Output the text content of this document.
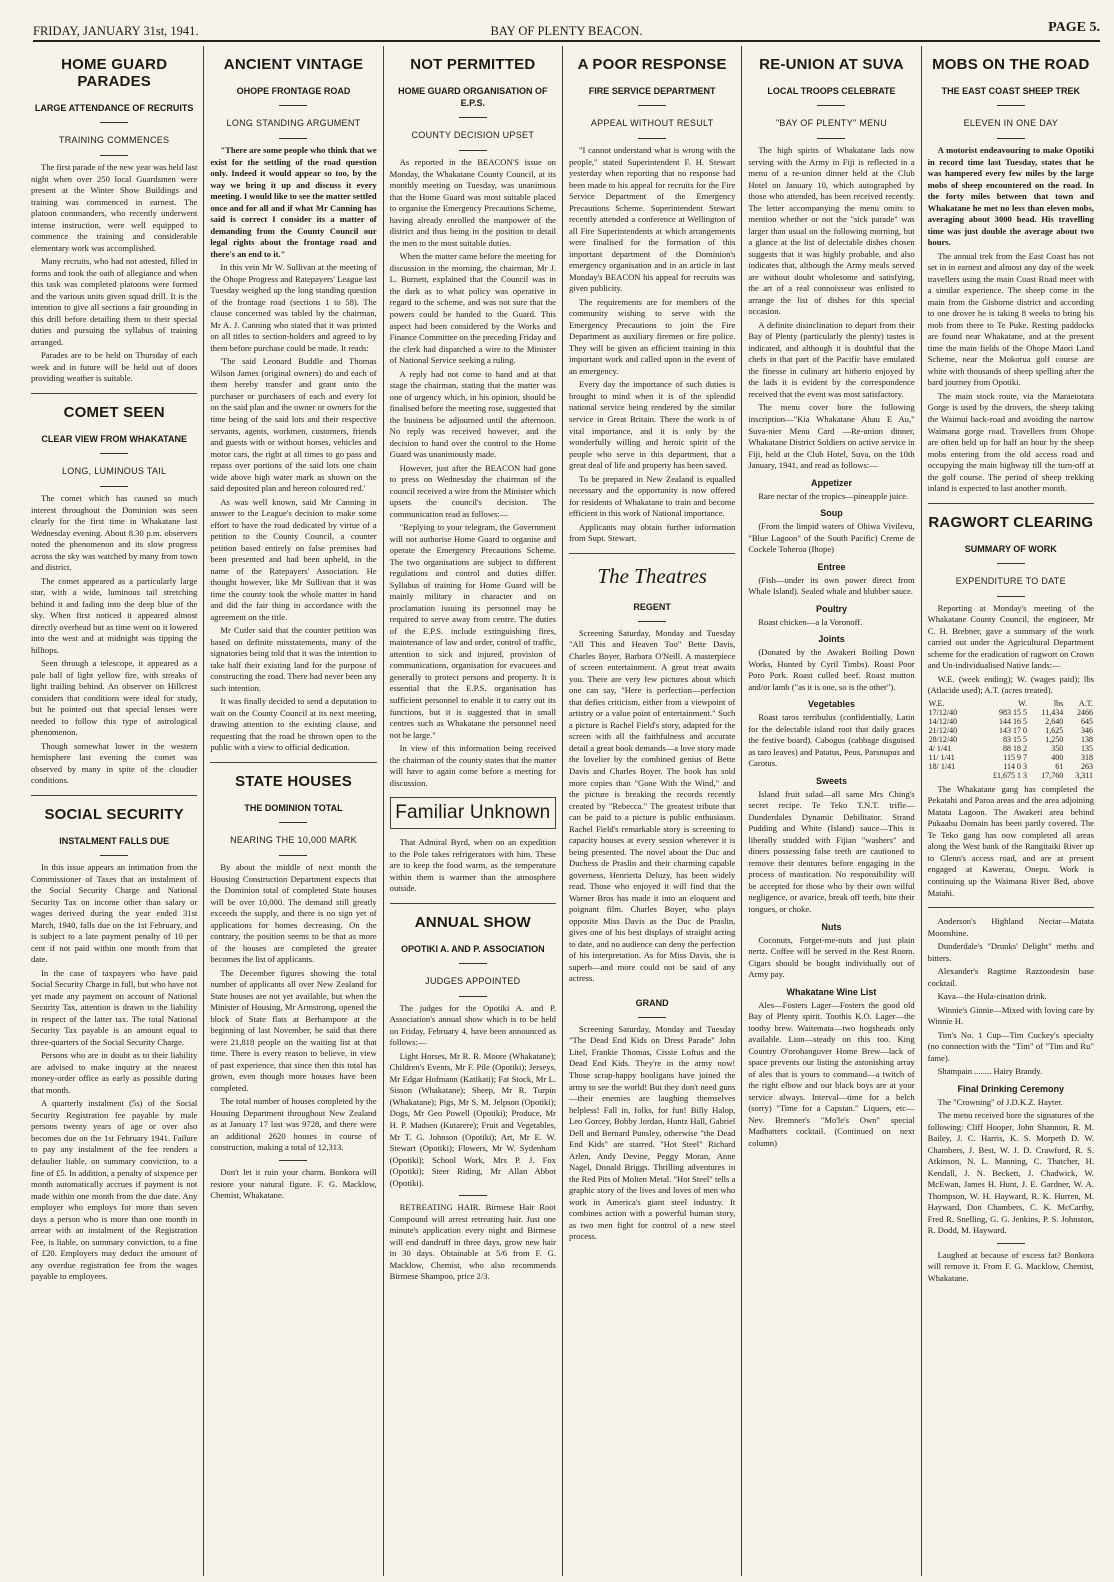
FRIDAY, JANUARY 31st, 1941.	BAY OF PLENTY BEACON.	PAGE 5.
HOME GUARD PARADES
LARGE ATTENDANCE OF RECRUITS
TRAINING COMMENCES

The first parade of the new year was held last night when over 250 local Guardsmen were present at the Winter Show Buildings and training was commenced in earnest. The platoon commanders, who recently underwent intense instruction, were well equipped to commence the training and considerable elementary work was accomplished.

Many recruits, who had not attested, filled in forms and took the oath of allegiance and when this task was completed platoons were formed and the various units given squad drill. It is the intention to give all sections a fair grounding in this drill before detailing them to their special duties and pursuing the syllabus of training arranged.

Parades are to be held on Thursday of each week and in future will be held out of doors providing weather is suitable.

COMET SEEN
CLEAR VIEW FROM WHAKATANE
LONG, LUMINOUS TAIL

The comet which has caused so much interest throughout the Dominion was seen clearly for the first time in Whakatane last Wednesday evening. About 8.30 p.m. observers noted the phenomenon and its slow progress across the sky was watched by many from town and district.

The comet appeared as a particularly large star, with a wide, luminous tail stretching behind it and fading into the deep blue of the sky. When first noticed it appeared almost directly overhead but as time went on it lowered into the west and at midnight was tipping the hilltops.

Seen through a telescope, it appeared as a pale ball of light yellow fire, with streaks of light trailing behind. An observer on Hillcrest considers that conditions were ideal for study, but he pointed out that special lenses were needed to follow this type of astrological phenomenon.

Though somewhat lower in the western hemisphere last evening the comet was observed by many in spite of the cloudier conditions.

SOCIAL SECURITY
INSTALMENT FALLS DUE

In this issue appears an intimation from the Commissioner of Taxes that an instalment of the Social Security Charge and National Security Tax on income other than salary or wages derived during the year ended 31st March, 1940, falls due on the 1st February, and is subject to a late payment penalty of 10 per cent if not paid within one month from that date.

In the case of taxpayers who have paid Social Security Charge in full, but who have not yet made any payment on account of National Security Tax, attention is drawn to the liability in respect of the latter tax. The total National Security Tax payable is an amount equal to three-quarters of the Social Security Charge.

Persons who are in doubt as to their liability are advised to make inquiry at the nearest money-order office as early as possible during that month.

A quarterly instalment (5s) of the Social Security Registration fee payable by male persons twenty years of age or over also becomes due on the 1st February 1941. Failure to pay any instalment of the fee renders a defaulter liable, on summary conviction, to a fine of £5. In addition, a penalty of sixpence per month automatically accrues if payment is not made within one month from the due date. Any employer who employs for more than seven days a person who is more than one month in arrear with an instalment of the Registration Fee, is liable, on summary conviction, to a fine of £20. Employers may deduct the amount of any overdue registration fee from the wages payable to employees.

ANCIENT VINTAGE
OHOPE FRONTAGE ROAD
LONG STANDING ARGUMENT

"There are some people who think that we exist for the settling of the road question only. Indeed it would appear so too, by the way we bring it up and discuss it every meeting. I would like to see the matter settled once and for all and if what Mr Canning has said is correct I consider its a matter of demanding from the County Council our legal rights about the frontage road and there's an end to it."

In this vein Mr W. Sullivan at the meeting of the Ohope Progress and Ratepayers' League last Tuesday weighed up the long standing question of the frontage road (sections 1 to 58). The clause concerned was tabled by the chairman, Mr A. J. Canning who stated that it was printed on all titles to section-holders and agreed to by them before purchase could be made. It reads:

'The said Leonard Buddle and Thomas Wilson James (original owners) do and each of them hereby transfer and grant unto the purchaser or purchasers of each and every lot on the said plan and the owner or owners for the time being of the said lots and their respective servants, agents, workmen, customers, friends and guests with or without horses, vehicles and motor cars, the right at all times to go pass and repass over portions of the said lots one chain wide above high water mark as shown on the said deposited plan and hereon coloured red.'

As was well known, said Mr Canning in answer to the League's decision to make some effort to have the road dedicated by virtue of a petition to the County Council, a counter petition based entirely on false premises had been presented and had been upheld, in the name of the Ratepayers' Association. He thought however, like Mr Sullivan that it was time the county took the whole matter in hand and did the fair thing in accordance with the agreement on the title.

Mr Cutler said that the counter petition was based on definite misstatements, many of the signatories being told that it was the intention to take half their existing land for the purpose of constructing the road. There had never been any such intention.

It was finally decided to send a deputation to wait on the County Council at its next meeting, drawing attention to the existing clause, and requesting that the road be thrown open to the public with a view to official dedication.

STATE HOUSES
THE DOMINION TOTAL
NEARING THE 10,000 MARK

By about the middle of next month the Housing Construction Department expects that the Dominion total of completed State houses will be over 10,000. The demand still greatly exceeds the supply, and there is no sign yet of applications for homes decreasing. On the contrary, the position seems to be that as more of the houses are completed the greater becomes the list of applicants.

The December figures showing the total number of applicants all over New Zealand for State houses are not yet available, but when the Minister of Housing, Mr Armstrong, opened the block of State flats at Berhampore at the beginning of last November, he said that there were 21,818 people on the waiting list at that time. There is every reason to believe, in view of past experience, that since then this total has grown, even though more houses have been completed.

The total number of houses completed by the Housing Department throughout New Zealand as at January 17 last was 9728, and there were an additional 2620 houses in course of construction, making a total of 12,313.

Don't let it ruin your charm. Bonkora will restore your natural figure. F. G. Macklow, Chemist, Whakatane.

NOT PERMITTED
HOME GUARD ORGANISATION OF E.P.S.
COUNTY DECISION UPSET

As reported in the BEACON'S issue on Monday, the Whakatane County Council, at its monthly meeting on Tuesday, was unanimous that the Home Guard was most suitable placed to organise the Emergency Precautions Scheme, having already enrolled the manpower of the district and thus being in the position to detail the men to the most suitable duties.

When the matter came before the meeting for discussion in the morning, the chairman, Mr J. L. Burnett, explained that the Council was in the dark as to what policy was operative in regard to the scheme, and was not sure that the powers could be handed to the Guard. This aspect had been considered by the Works and Finance Committee on the preceding Friday and the clerk had dispatched a wire to the Minister of National Service seeking a ruling.

A reply had not come to hand and at that stage the chairman, stating that the matter was one of urgency which, in his opinion, should be finalised before the meeting rose, suggested that the business be adjourned until the afternoon. No reply was received however, and the decision to hand over the control to the Home Guard was unanimously made.

However, just after the BEACON had gone to press on Wednesday the chairman of the council received a wire from the Minister which upsets the council's decision. The communication read as follows:—

"Replying to your telegram, the Government will not authorise Home Guard to organise and operate the Emergency Precautions Scheme. The two organisations are subject to different regulations and control and duties differ. Syllabus of training for Home Guard will be mainly military in character and on proclamation issuing its personnel may be required to serve away from centre. The duties of the E.P.S. include extinguishing fires, maintenance of law and order, control of traffic, attention to sick and injured, provision of communications, organisation for evacuees and generally to protect persons and property. It is essential that the E.P.S. organisation has sufficient personnel to enable it to carry out its functions, but it is suggested that in small centres such as Whakatane the personnel need not be large."

In view of this information being received the chairman of the county states that the matter will have to again come before a meeting for discussion.

Familiar Unknown

That Admiral Byrd, when on an expedition to the Pole takes refrigerators with him. These are to keep the food warm, as the temperature within them is warmer than the atmosphere outside.

ANNUAL SHOW
OPOTIKI A. AND P. ASSOCIATION
JUDGES APPOINTED

The judges for the Opotiki A. and P. Association's annual show which is to be held on Friday, February 4, have been announced as follows:—

Light Horses, Mr R. R. Moore (Whakatane); Children's Events, Mr F. Pile (Opotiki); Jerseys, Mr Edgar Hofmann (Katikati); Fat Stock, Mr L. Sisson (Whakatane); Sheep, Mr R. Turpin (Whakatane); Pigs, Mr S. M. Jelpson (Opotiki); Dogs, Mr Geo Powell (Opotiki); Produce, Mr H. P. Madsen (Kutarere); Fruit and Vegetables, Mr T. G. Johnson (Opotiki); Art, Mr E. W. Stewart (Opotiki); Flowers, Mr W. Sydenham (Opotiki); School Work, Mrs P. J. Fox (Opotiki); Steer Riding, Mr Allan Abbot (Opotiki).

RETREATING HAIR. Birmese Hair Root Compound will arrest retreating hair. Just one minute's application every night and Birmese will end dandruff in three days, grow new hair in 30 days. Obtainable at 5/6 from F. G. Macklow, Chemist, who also recommends Birmese Shampoo, price 2/3.

A POOR RESPONSE
FIRE SERVICE DEPARTMENT
APPEAL WITHOUT RESULT

"I cannot understand what is wrong with the people," stated Superintendent F. H. Stewart yesterday when reporting that no response had been made to his appeal for recruits for the Fire Service Department of the Emergency Precautions Scheme. Superintendent Stewart recently attended a conference at Wellington of all Fire Superintendents at which arrangements were finalised for the formation of this important department of the Dominion's emergency organisation and in an article in last Monday's BEACON his appeal for recruits was given publicity.

The requirements are for members of the community wishing to serve with the Emergency Precautions to join the Fire Department as auxiliary firemen or fire police. They will be given an efficient training in this important work and called upon in the event of an emergency.

Every day the importance of such duties is brought to mind when it is of the splendid national service being rendered by the similar service in Great Britain. There the work is of vital importance, and it is only by the wonderfully willing and heroic spirit of the people who serve in this department, that a great deal of life and property has been saved.

To be prepared in New Zealand is equalled necessary and the opportunity is now offered for residents of Whakatane to train and become efficient in this work of National importance.

Applicants may obtain further information from Supt. Stewart.

The Theatres
REGENT

Screening Saturday, Monday and Tuesday "All This and Heaven Too" Bette Davis, Charles Boyer, Barbara O'Neill. A masterpiece of screen entertainment. A great treat awaits you. There are very few pictures about which one can say, "Here is perfection—perfection that defies criticism, either from a viewpoint of artistry or a value point of entertainment." Such a picture is Rachel Field's story, adapted for the screen with all the faithfulness and accurate detail a great book demands—a love story made the lovelier by the combined genius of Bette Davis and Charles Boyer. The book has sold more copies than "Gone With the Wind," and the picture is breaking the records recently created by "Rebecca." The greatest tribute that can be paid to a picture is public enthusiasm. Rachel Field's remarkable story is screening to capacity houses at every session wherever it is being presented. The novel about the Duc and Duchess de Praslin and their charming capable governess, Henrietta Deluzy, has been widely read. Those who enjoyed it will find that the Warner Bros has made it into an eloquent and poignant film. Charles Boyer, who plays opposite Miss Davis as the Duc de Praslin, gives one of his best displays of straight acting to date, and no audience can deny the perfection of his interpretation. As for Miss Davis, she is superb—and more could not be said of any actress.

GRAND

Screening Saturday, Monday and Tuesday "The Dead End Kids on Dress Parade" John Litel, Frankie Thomas, Cissie Loftus and the Dead End Kids. They're in the army now! Those scrap-happy hooligans have joined the army to see the world! But they don't need guns—their enemies are laughing themselves helpless! Fall in, folks, for fun! Billy Halop, Leo Gorcey, Bobby Jordan, Huntz Hall, Gabriel Dell and Bernard Punsley, otherwise "the Dead End Kids" are starred. "Hot Steel" Richard Arlen, Andy Devine, Peggy Moran, Anne Nagel, Donald Briggs. Thrilling adventures in the Red Pits of Molten Metal. "Hot Steel" tells a graphic story of the lives and loves of men who work in America's giant steel industry. It combines action with a powerful human story, as two men fight for control of a new steel process.

RE-UNION AT SUVA
LOCAL TROOPS CELEBRATE
"BAY OF PLENTY" MENU

The high spirits of Whakatane lads now serving with the Army in Fiji is reflected in a menu of a re-union dinner held at the Club Hotel on January 10, which autographed by those who attended, has been received recently. The letter accompanying the menu omits to mention whether or not the "sick parade" was larger than usual on the following morning, but a glance at the list of delectable dishes chosen suggests that it was highly probable, and also indicates that, although the Army meals served are without doubt wholesome and satisfying, the art of a real connoisseur was enlisted to arrange the list of dishes for this special occasion.

A definite disinclination to depart from their Bay of Plenty (particularly the plenty) tastes is indicated, and although it is doubtful that the chefs in that part of the Pacific have emulated the finesse in culinary art hitherto enjoyed by the lads it is evident by the correspondence received that the event was most satisfactory.

The menu cover bore the following inscription—"Kia Whakatane Ahau E Au," Suva-nier Menu Card —Re-union dinner, Whakatane District Soldiers on active service in Fiji, held at the Club Hotel, Suva, on the 10th January, 1941, and read as follows:—

Appetizer

Rare nectar of the tropics—pineapple juice.

Soup

(From the limpid waters of Ohiwa Vivilevu, "Blue Lagoon" of the South Pacific) Creme de Cockele Toheroa (Ihope)

Entree

(Fish—under its own power direct from Whale Island). Sealed whale and blubber sauce.

Poultry

Roast chicken—a la Voronoff.

Joints

(Donated by the Awakeri Boiling Down Works, Hunted by Cyril Timbs). Roast Poor Poro Pork. Roast culled beef. Roast mutton and/or lamb ("as it is one, so is the other").

Vegetables

Roast taros terribulus (confidentially, Latin for the delectable island root that daily graces the festive board). Cabogus (cabbage disguised as taro leaves) and Patatus, Peus, Parsnupus and Carotus.

Sweets

Island fruit salad—all same Mrs Ching's secret recipe. Te Teko T.N.T. trifle—Dunderdales Dynamic Debilitator. Strand Pudding and White (Island) sauce—This is liberally studded with Fijian "washers" and diners possessing false teeth are cautioned to remove their dentures before engaging in the process of mastication. No responsibility will be accepted for those who by their own wilful negligence, or avarice, break off teeth, bite their tongues, or choke.

Nuts

Coconuts, Forget-me-nuts and just plain nertz. Coffee will be served in the Rest Room. Cigars should be bought individually out of Army pay.

Whakatane Wine List

Ales—Fosters Lager—Fosters the good old Bay of Plenty spirit. Toothis K.O. Lager—the toothy brew. Waitemata—two hogsheads only available. Lion—steady on this too. King Country O'orohanguver Home Brew—lack of space prevents our listing the astonishing array of ales that is yours to command—a twitch of the right elbow and our black boys are at your service always. Interval—time for a belch (sorry) "Time for a Capstan." Liquers, etc— Nev. Bremner's "Mo'le's Own" special Madhatters cocktail. (Continued on next column)

MOBS ON THE ROAD
THE EAST COAST SHEEP TREK
ELEVEN IN ONE DAY

A motorist endeavouring to make Opotiki in record time last Tuesday, states that he was hampered every few miles by the large mobs of sheep encountered on the road. In the forty miles between that town and Whakatane he met no less than eleven mobs, averaging about 3000 head. His travelling time was just double the average about two hours.

The annual trek from the East Coast has not set in in earnest and almost any day of the week travellers using the main Coast Road meet with a similar experience. The sheep come in the main from the Gisborne district and according to one drover he is taking 8 weeks to bring his mob from there to Te Puke. Resting paddocks are found near Whakatane, and at the present time the main fields of the Ohope Maori Land Scheme, near the Mokorua golf course are white with thousands of sheep spelling after the hard journey from Opotiki.

The main stock route, via the Maraetotara Gorge is used by the drovers, the sheep taking the Waimui back-road and avoiding the narrow Waimana gorge road. Travellers from Ohope are often held up for half an hour by the sheep mobs entering from the old access road and occupying the main highway till the turn-off at the golf course. The period of sheep trekking inland is expected to last another month.

RAGWORT CLEARING
SUMMARY OF WORK
EXPENDITURE TO DATE

Reporting at Monday's meeting of the Whakatane County Council, the engineer, Mr C. H. Brebner, gave a summary of the work carried out under the Agricultural Department scheme for the eradication of ragwort on Crown and Un-individualised Native lands:—

W.E. (week ending); W. (wages paid); lbs (Atlacide used); A.T. (acres treated).

W.E.	W.	lbs	A.T.
17/12/40	983 15 5	11,434	2466
14/12/40	144 16 5	2,640	645
21/12/40	143 17 0	1,625	346
28/12/40	83 15 5	1,250	138
4/ 1/41	88 18 2	350	135
11/ 1/41	115 9 7	400	318
18/ 1/41	114 0 3	61	263
	£1,675 1 3	17,760	3,311

The Whakatane gang has completed the Pekatahi and Paroa areas and the area adjoining Matata Lagoon. The Awakeri area behind Pukaahu Domain has been partly covered. The Te Teko gang has now completed all areas along the West bank of the Rangitaiki River up to Glenn's access road, and are at present engaged at Kawerau, Onepu. Work is continuing up the Waimana River Bed, above Matahi.

Anderson's Highland Nectar—Matata Moonshine.

Dunderdale's "Drunks' Delight" meths and bitters.

Alexander's Ragtime Razzoodesin base cocktail.

Kava—the Hula-cination drink.

Winnie's Ginnie—Mixed with loving care by Winnie H.

Tim's No. 1 Cup—Tim Cuckey's specialty (no connection with the "Tim" of "Tim and Ru" fame).

Shampain ........ Hairy Brandy.

Final Drinking Ceremony

The "Crowning" of J.D.K.Z. Hayter.

The menu received bore the signatures of the following: Cliff Hooper, John Shannon, R. M. Bailey, J. C. Harris, K. S. Morpeth D. W. Chambers, J. Best, W. J. D. Crawford, R. S. Atkinson, N. L. Manning, C. Thatcher, H. Kendall, J. N. Beckett, J. Chadwick, W. McEwan, James H. Hunt, J. E. Gardner, W. A. Thompson, W. H. Hayward, R. K. Hurren, M. Hayward, Don Chambers, C. K. McCarthy, Fred R. Snelling, G. G. Jenkins, P. S. Johnston, R. Dodd, M. Hayward.

Laughed at because of excess fat? Bonkora will remove it. From F. G. Macklow, Chemist, Whakatane.
